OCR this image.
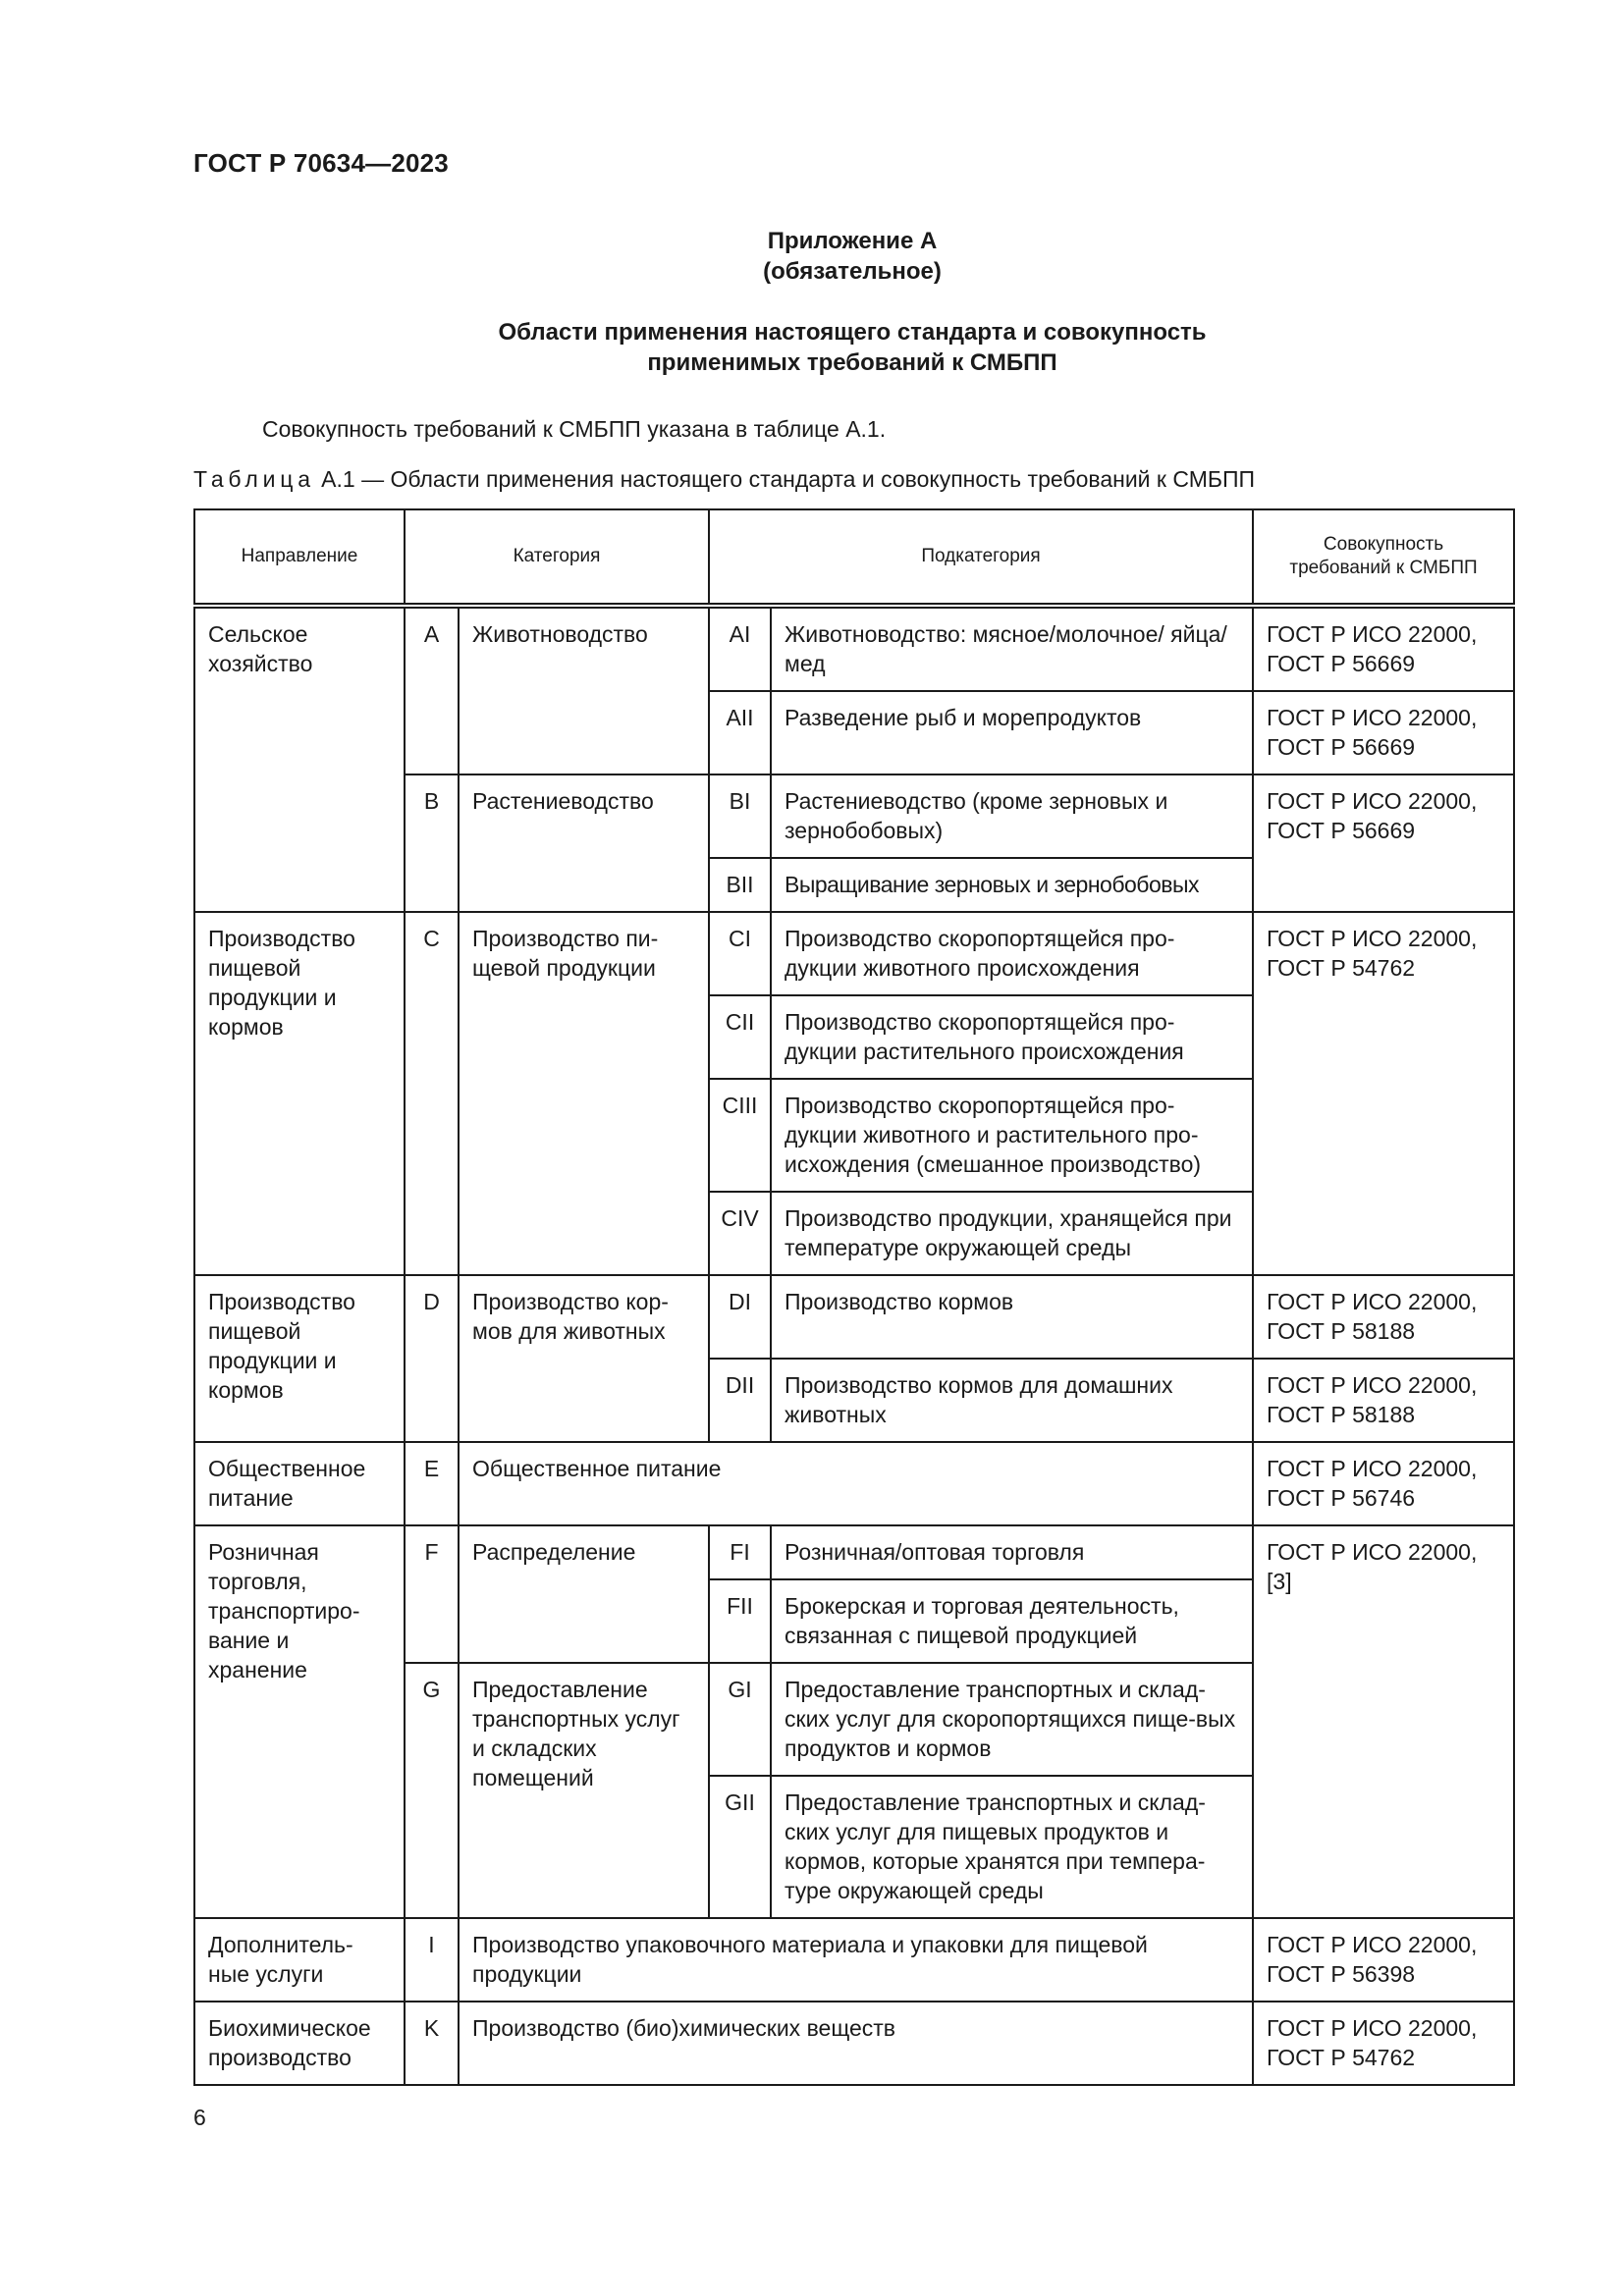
ГОСТ Р 70634—2023
Приложение А
(обязательное)
Области применения настоящего стандарта и совокупность
применимых требований к СМБПП
Совокупность требований к СМБПП указана в таблице А.1.
Таблица А.1 — Области применения настоящего стандарта и совокупность требований к СМБПП
Направление	Категория		Подкатегория		Совокупность
требований к СМБПП
Сельское хозяйство	A	Животноводство	AI	Животноводство: мясное/молочное/ яйца/мед	ГОСТ Р ИСО 22000, ГОСТ Р 56669
			AII	Разведение рыб и морепродуктов	ГОСТ Р ИСО 22000, ГОСТ Р 56669
	B	Растениеводство	BI	Растениеводство (кроме зерновых и зернобобовых)	ГОСТ Р ИСО 22000, ГОСТ Р 56669
			BII	Выращивание зерновых и зернобобовых	
Производство пищевой продукции и кормов	C	Производство пи-щевой продукции	CI	Производство скоропортящейся про-дукции животного происхождения	ГОСТ Р ИСО 22000, ГОСТ Р 54762
			CII	Производство скоропортящейся про-дукции растительного происхождения	
			CIII	Производство скоропортящейся про-дукции животного и растительного про-исхождения (смешанное производство)	
			CIV	Производство продукции, хранящейся при температуре окружающей среды	
Производство пищевой продукции и кормов	D	Производство кор-мов для животных	DI	Производство кормов	ГОСТ Р ИСО 22000, ГОСТ Р 58188
			DII	Производство кормов для домашних животных	ГОСТ Р ИСО 22000, ГОСТ Р 58188
Общественное питание	E	Общественное питание			ГОСТ Р ИСО 22000, ГОСТ Р 56746
Розничная торговля, транспортиро-вание и хранение	F	Распределение	FI	Розничная/оптовая торговля	ГОСТ Р ИСО 22000, [3]
			FII	Брокерская и торговая деятельность, связанная с пищевой продукцией	
	G	Предоставление транспортных услуг и складских помещений	GI	Предоставление транспортных и склад-ских услуг для скоропортящихся пище-вых продуктов и кормов	
			GII	Предоставление транспортных и склад-ских услуг для пищевых продуктов и кормов, которые хранятся при темпера-туре окружающей среды	
Дополнитель-ные услуги	I	Производство упаковочного материала и упаковки для пищевой продукции			ГОСТ Р ИСО 22000, ГОСТ Р 56398
Биохимическое производство	K	Производство (био)химических веществ			ГОСТ Р ИСО 22000, ГОСТ Р 54762
6
